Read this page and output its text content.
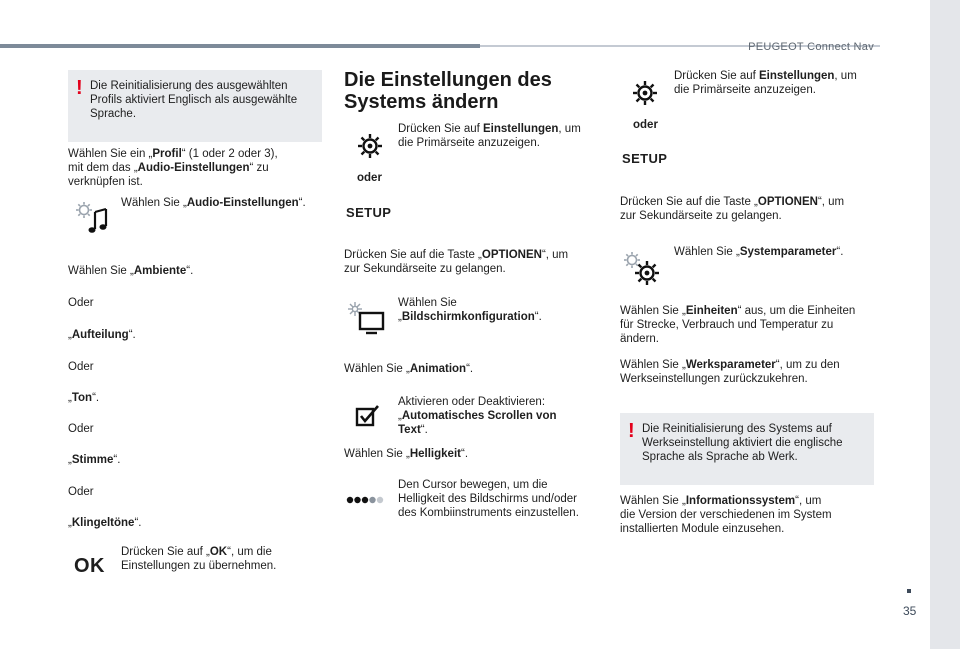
PEUGEOT Connect Nav
! Die Reinitialisierung des ausgewählten Profils aktiviert Englisch als ausgewählte Sprache.
Wählen Sie ein „Profil“ (1 oder 2 oder 3),
mit dem das „Audio-Einstellungen“ zu
verknüpfen ist.
Wählen Sie „Audio-Einstellungen“.
Wählen Sie „Ambiente“.
Oder
„Aufteilung“.
Oder
„Ton“.
Oder
„Stimme“.
Oder
„Klingeltöne“.
OK
Drücken Sie auf „OK“, um die
Einstellungen zu übernehmen.
Die Einstellungen des
Systems ändern
Drücken Sie auf Einstellungen, um
die Primärseite anzuzeigen.
oder
SETUP
Drücken Sie auf die Taste „OPTIONEN“, um
zur Sekundärseite zu gelangen.
Wählen Sie
„Bildschirmkonfiguration“.
Wählen Sie „Animation“.
Aktivieren oder Deaktivieren:
„Automatisches Scrollen von
Text“.
Wählen Sie „Helligkeit“.
Den Cursor bewegen, um die
Helligkeit des Bildschirms und/oder
des Kombiinstruments einzustellen.
Drücken Sie auf Einstellungen, um
die Primärseite anzuzeigen.
oder
SETUP
Drücken Sie auf die Taste „OPTIONEN“, um
zur Sekundärseite zu gelangen.
Wählen Sie „Systemparameter“.
Wählen Sie „Einheiten“ aus, um die Einheiten
für Strecke, Verbrauch und Temperatur zu
ändern.
Wählen Sie „Werksparameter“, um zu den
Werkseinstellungen zurückzukehren.
! Die Reinitialisierung des Systems auf Werkseinstellung aktiviert die englische Sprache als Sprache ab Werk.
Wählen Sie „Informationssystem“, um
die Version der verschiedenen im System
installierten Module einzusehen.
35
